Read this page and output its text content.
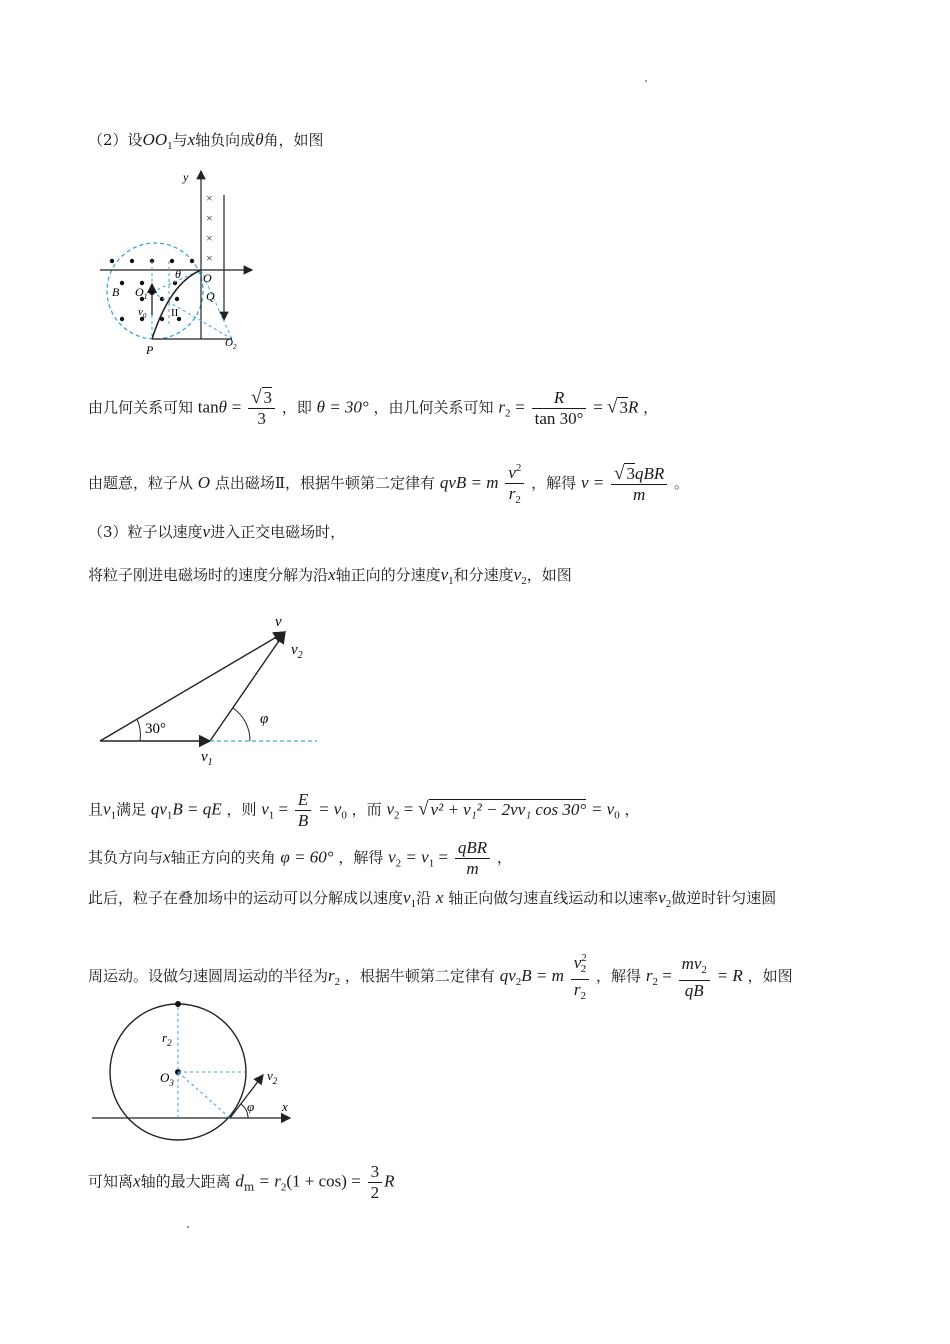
（2）设$OO_1$与x轴负向成θ角，如图
y
×
×
×
×
θ O
$O_1$
B	Q
II
$v_0$
P	$O_2$
由几何关系可知 $\tan\theta = \frac{√ 3}{3}$ ，即 θ = 30° ，由几何关系可知 $r_2 = \frac{R}{\tan 30^\circ}$ = √ 3R ，
由题意，粒子从 O 点出磁场Ⅱ，根据牛顿第二定律有 qvB = m $\frac{v^2}{r_2}$ ，解得 $v = \frac{\text{√ 3qBR}}{m}$ 。
（3）粒子以速度v进入正交电磁场时，
将粒子刚进电磁场时的速度分解为沿x轴正向的分速度$v_1$和分速度$v_2$，如图
v
$v_2$
30°
φ
$v_1$
且$v_1$满足 $qv_1B$ = qE ，则 $v_1 = \frac{E}{B} = v_0$ ，而 $v_2$ = √ v² + v₁² − 2vv₁ $\cos 30^\circ = v_0$ ，
其负方向与x轴正方向的夹角 φ = 60° ，解得 $v_2 = v_1 = \frac{\text{qBR}}{m}$ ，
此后，粒子在叠加场中的运动可以分解成以速度$v_1$沿 x 轴正向做匀速直线运动和以速率$v_2$做逆时针匀速圆
周运动。设做匀速圆周运动的半径为$r_2$ ，根据牛顿第二定律有 $qv_2B = m \frac{v^2_2}{r_2}$ ，解得 $r_2 = \frac{mv_2}{qB} = R$ ，如图
$r_2$
$O_3$	$v_2$
φ x
可知离x轴的最大距离 $d_m = r_2(1 + \cos) = \frac{3}{2}$ R
